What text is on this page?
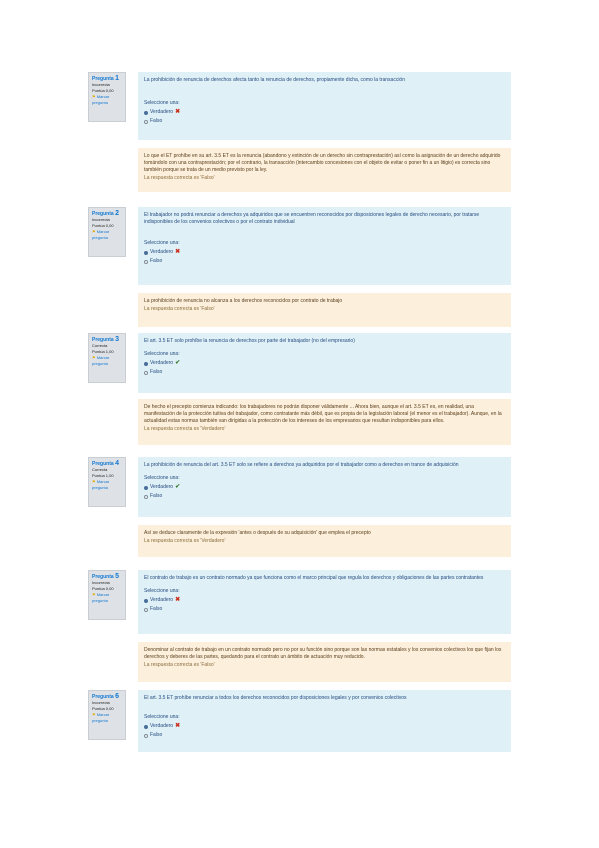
Pregunta 1
Incorrecta
Puntúa 0,00
⚑ Marcar pregunta
La prohibición de renuncia de derechos afecta tanto la renuncia de derechos, propiamente dicha, como la transacción
Seleccione una:
Verdadero ✖
Falso
Lo que el ET prohíbe en su art. 3.5 ET es la renuncia (abandono y extinción de un derecho sin contraprestación) así como la asignación de un derecho adquirido tomándolo con una contraprestación; por el contrario, la transacción (intercambio concesiones con el objeto de evitar o poner fin a un litigio) es correcta sino también porque se trata de un medio previsto por la ley.
La respuesta correcta es 'Falso'
Pregunta 2
Incorrecta
Puntúa 0,00
⚑ Marcar pregunta
El trabajador no podrá renunciar a derechos ya adquiridos que se encuentren reconocidos por disposiciones legales de derecho necesario, por tratarse indisponibles de los convenios colectivos o por el contrato individual
Seleccione una:
Verdadero ✖
Falso
La prohibición de renuncia no alcanza a los derechos reconocidos por contrato de trabajo
La respuesta correcta es 'Falso'
Pregunta 3
Correcta
Puntúa 1,00
⚑ Marcar pregunta
El art. 3.5 ET solo prohíbe la renuncia de derechos por parte del trabajador (no del empresario)
Seleccione una:
Verdadero ✔
Falso
De hecho el precepto comienza indicando: los trabajadores no podrán disponer válidamente ... Ahora bien, aunque el art. 3.5 ET es, en realidad, una manifestación de la protección tuitiva del trabajador, como contratante más débil, que es propia de la legislación laboral (el menor es el trabajador). Aunque, en la actualidad estas normas también van dirigidas a la protección de los intereses de los empresarios que resultan indisponibles para ellos.
La respuesta correcta es 'Verdadero'
Pregunta 4
Correcta
Puntúa 1,00
⚑ Marcar pregunta
La prohibición de renuncia del art. 3.5 ET solo se refiere a derechos ya adquiridos por el trabajador como a derechos en trance de adquisición
Seleccione una:
Verdadero ✔
Falso
Así se deduce claramente de la expresión 'antes o después de su adquisición' que emplea el precepto
La respuesta correcta es 'Verdadero'
Pregunta 5
Incorrecta
Puntúa 0,00
⚑ Marcar pregunta
El contrato de trabajo es un contrato normado ya que funciona como el marco principal que regula los derechos y obligaciones de las partes contratantes
Seleccione una:
Verdadero ✖
Falso
Denominar al contrato de trabajo en un contrato normado pero no por su función sino porque son las normas estatales y los convenios colectivos los que fijan los derechos y deberes de las partes, quedando para el contrato un ámbito de actuación muy reducido.
La respuesta correcta es 'Falso'
Pregunta 6
Incorrecta
Puntúa 0,00
⚑ Marcar pregunta
El art. 3.5 ET prohíbe renunciar a todos los derechos reconocidos por disposiciones legales y por convenios colectivos
Seleccione una:
Verdadero ✖
Falso
